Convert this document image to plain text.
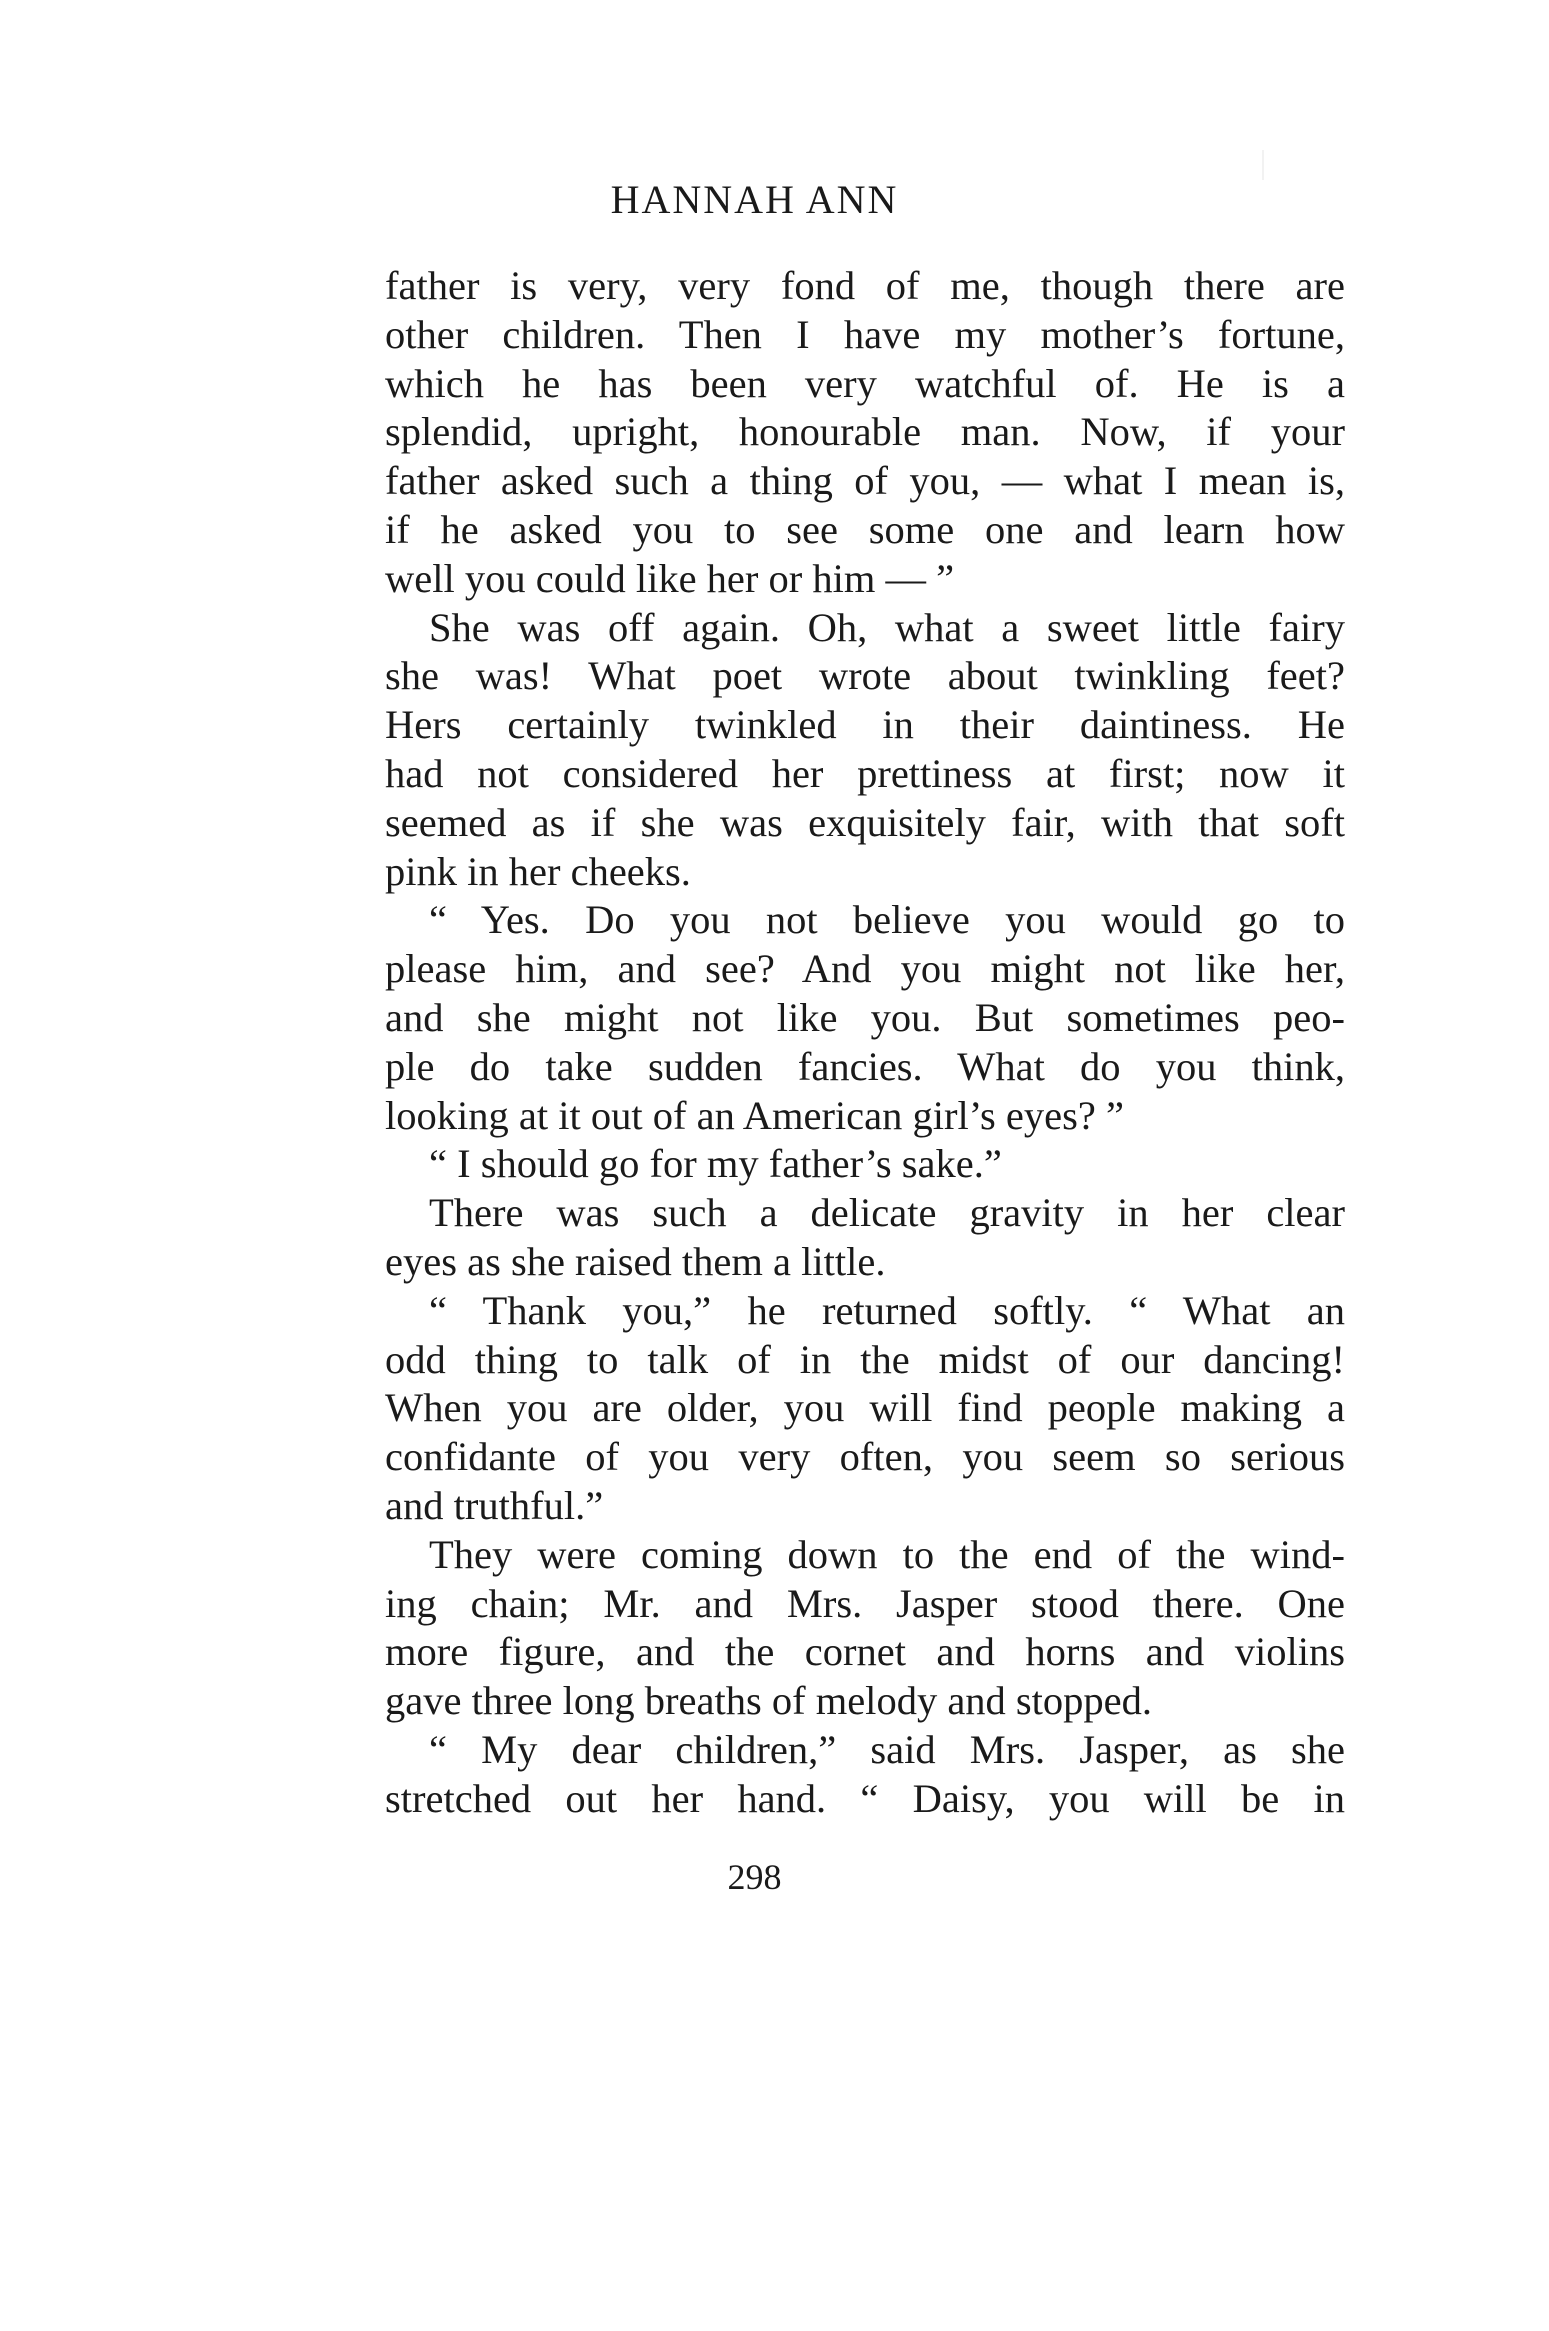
HANNAH ANN
father is very, very fond of me, though there are
other children. Then I have my mother’s fortune,
which he has been very watchful of. He is a
splendid, upright, honourable man. Now, if your
father asked such a thing of you, — what I mean is,
if he asked you to see some one and learn how
well you could like her or him — ”
She was off again. Oh, what a sweet little fairy
she was! What poet wrote about twinkling feet?
Hers certainly twinkled in their daintiness. He
had not considered her prettiness at first; now it
seemed as if she was exquisitely fair, with that soft
pink in her cheeks.
“ Yes. Do you not believe you would go to
please him, and see? And you might not like her,
and she might not like you. But sometimes peo-
ple do take sudden fancies. What do you think,
looking at it out of an American girl’s eyes? ”
“ I should go for my father’s sake.”
There was such a delicate gravity in her clear
eyes as she raised them a little.
“ Thank you,” he returned softly. “ What an
odd thing to talk of in the midst of our dancing!
When you are older, you will find people making a
confidante of you very often, you seem so serious
and truthful.”
They were coming down to the end of the wind-
ing chain; Mr. and Mrs. Jasper stood there. One
more figure, and the cornet and horns and violins
gave three long breaths of melody and stopped.
“ My dear children,” said Mrs. Jasper, as she
stretched out her hand. “ Daisy, you will be in
298
